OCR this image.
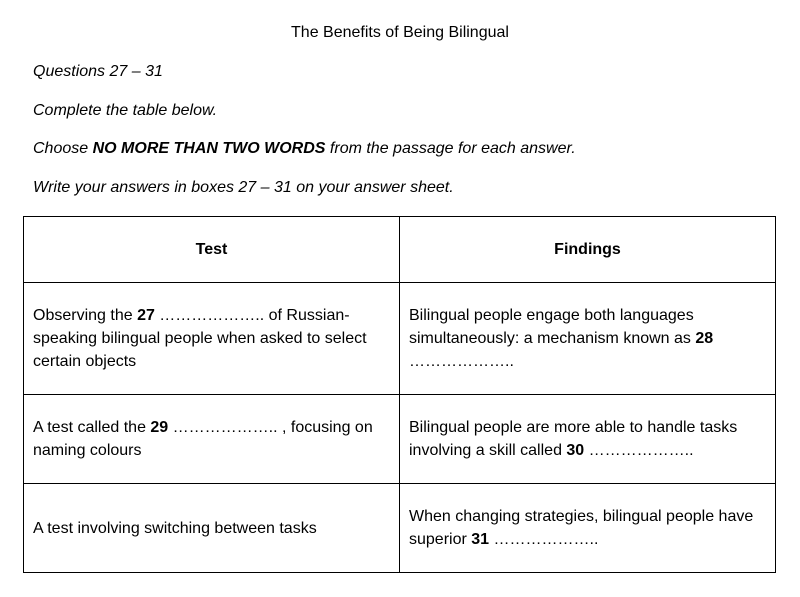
The Benefits of Being Bilingual
Questions 27 – 31
Complete the table below.
Choose NO MORE THAN TWO WORDS from the passage for each answer.
Write your answers in boxes 27 – 31 on your answer sheet.
Test	Findings
Observing the 27 ……………….. of Russian-speaking bilingual people when asked to select certain objects	Bilingual people engage both languages simultaneously: a mechanism known as 28 ………………..
A test called the 29 ……………….. , focusing on naming colours	Bilingual people are more able to handle tasks involving a skill called 30 ………………..
A test involving switching between tasks	When changing strategies, bilingual people have superior 31 ………………..
